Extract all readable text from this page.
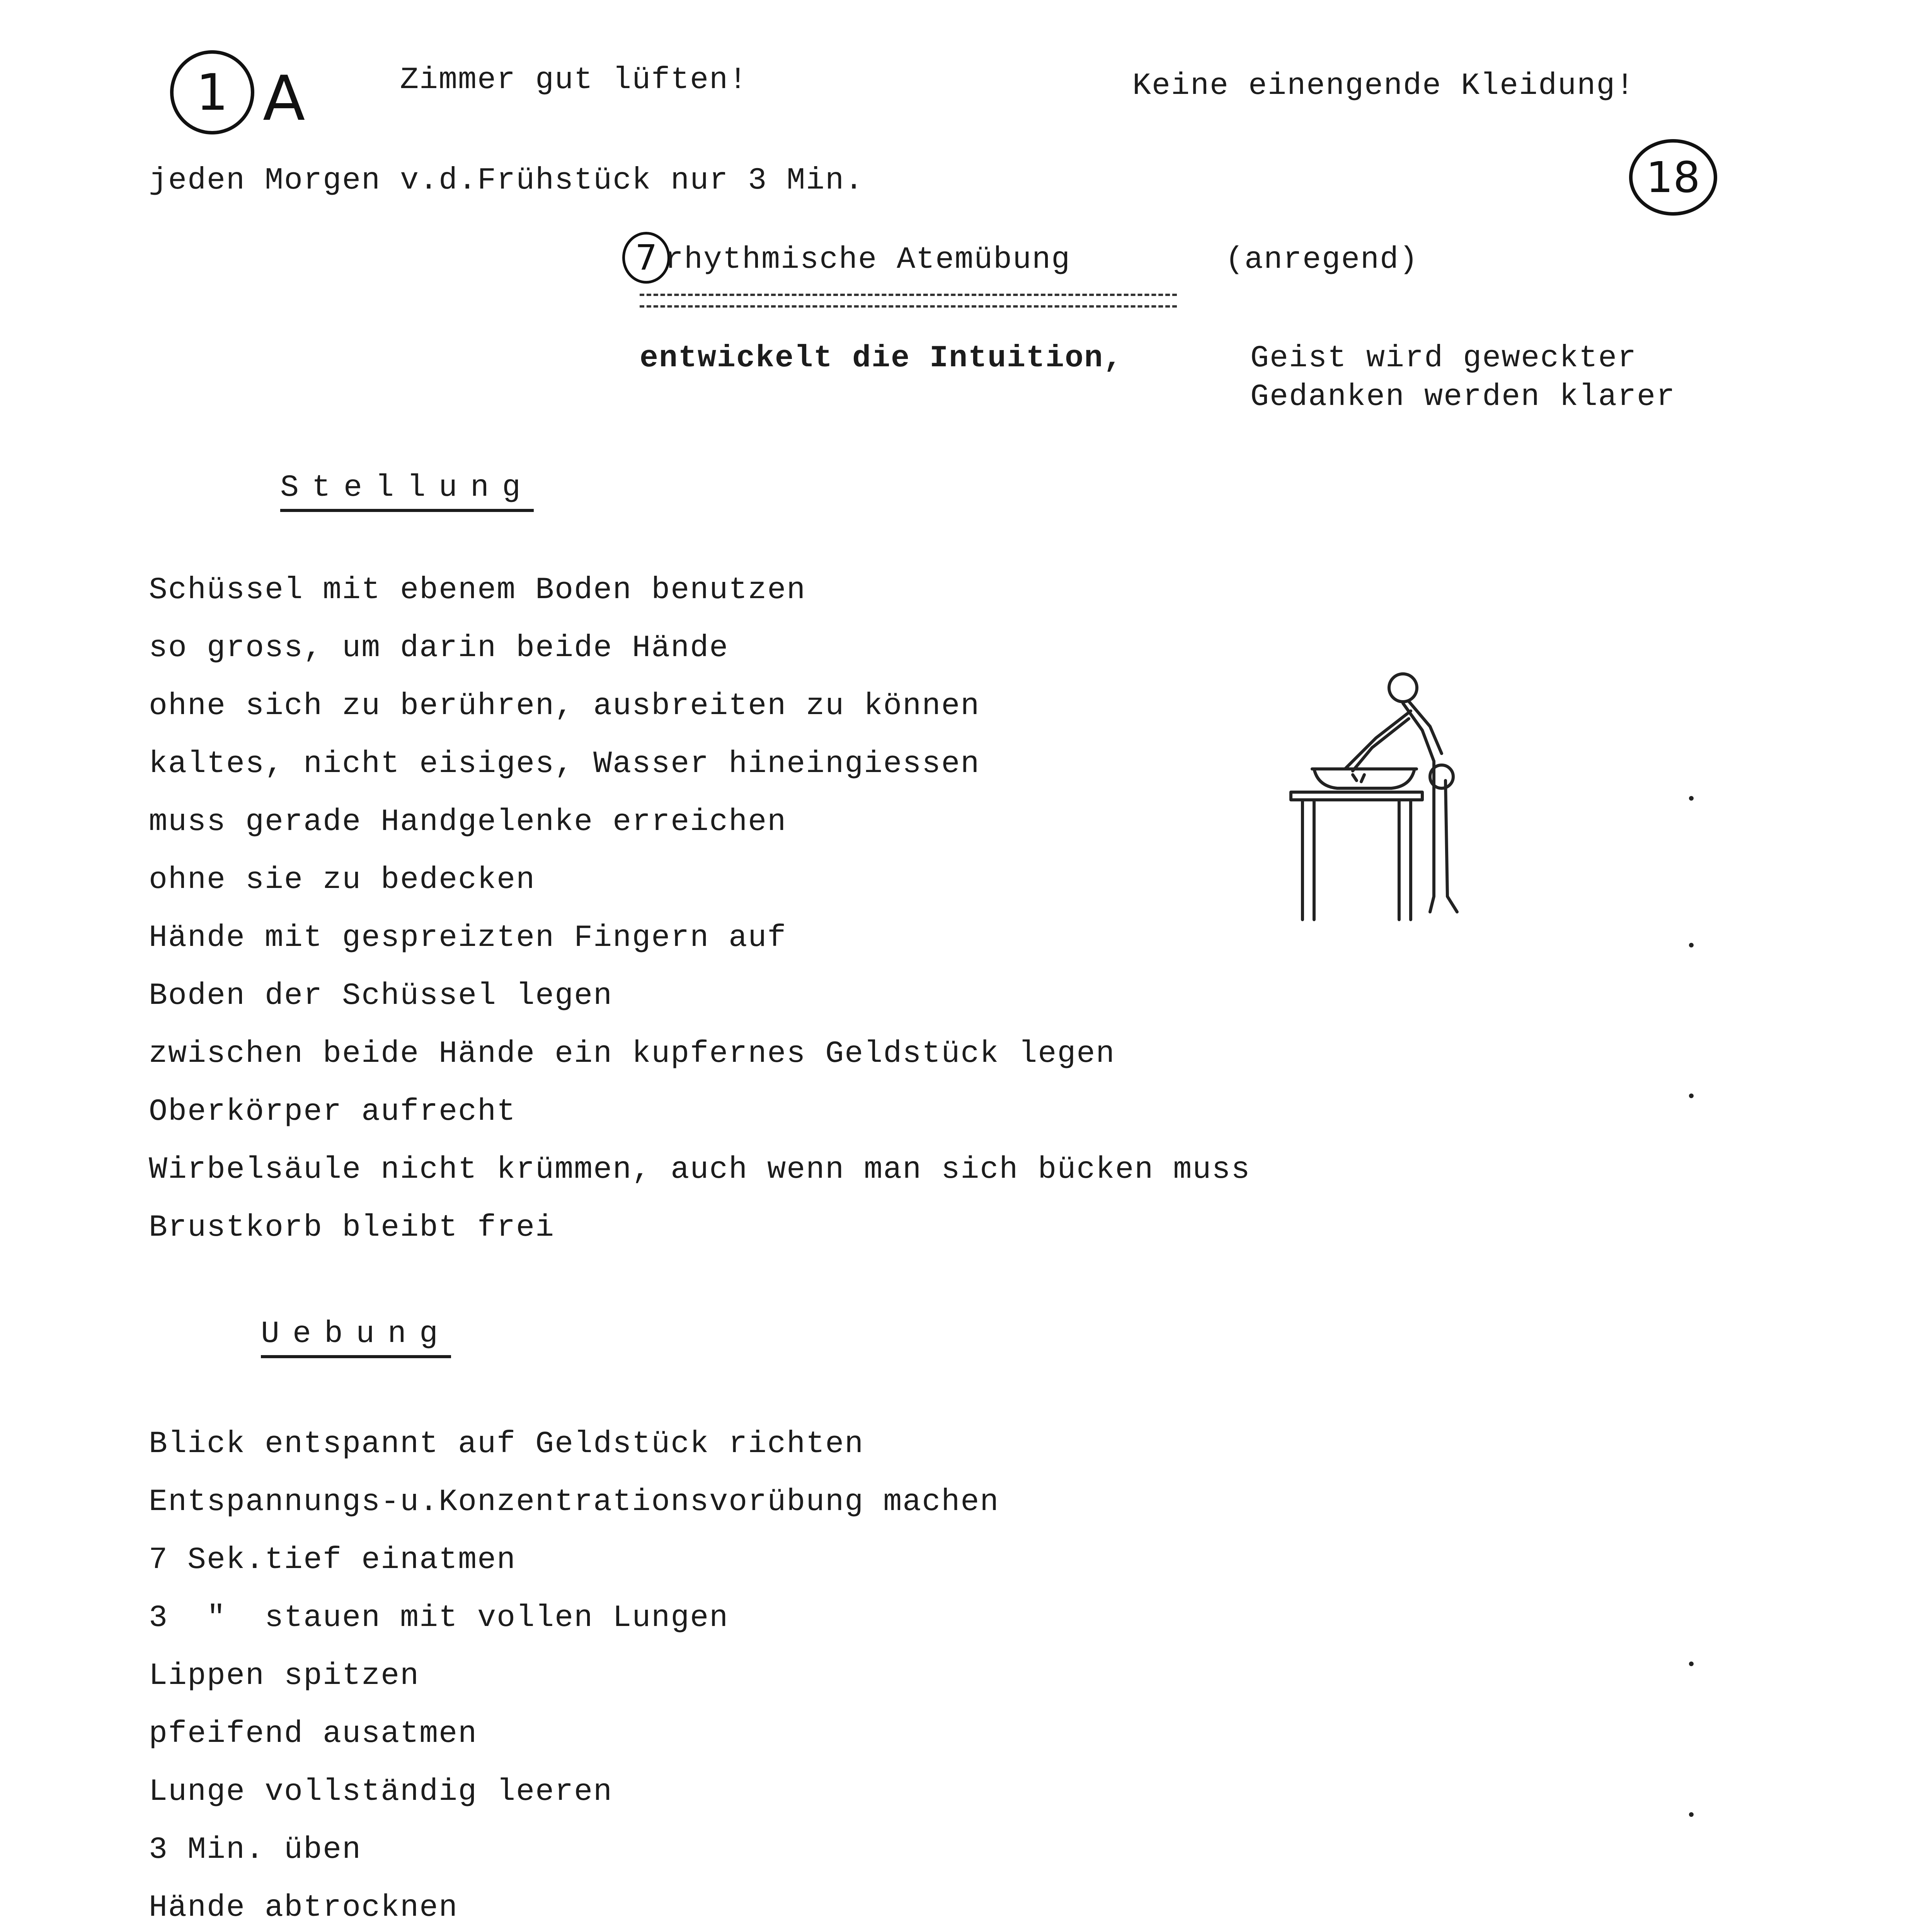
1 A	Zimmer gut lüften!	Keine einengende Kleidung!
jeden Morgen v.d.Frühstück nur 3 Min.	18
7 rhythmische Atemübung	(anregend)
entwickelt die Intuition,	Geist wird geweckter
Gedanken werden klarer
Stellung
Schüssel mit ebenem Boden benutzen
so gross, um darin beide Hände
ohne sich zu berühren, ausbreiten zu können
kaltes, nicht eisiges, Wasser hineingiessen
muss gerade Handgelenke erreichen
ohne sie zu bedecken
Hände mit gespreizten Fingern auf
Boden der Schüssel legen
zwischen beide Hände ein kupfernes Geldstück legen
Oberkörper aufrecht
Wirbelsäule nicht krümmen, auch wenn man sich bücken muss
Brustkorb bleibt frei
Uebung
Blick entspannt auf Geldstück richten
Entspannungs-u.Konzentrationsvorübung machen
7 Sek.tief einatmen
3  "  stauen mit vollen Lungen
Lippen spitzen
pfeifend ausatmen
Lunge vollständig leeren
3 Min. üben
Hände abtrocknen
